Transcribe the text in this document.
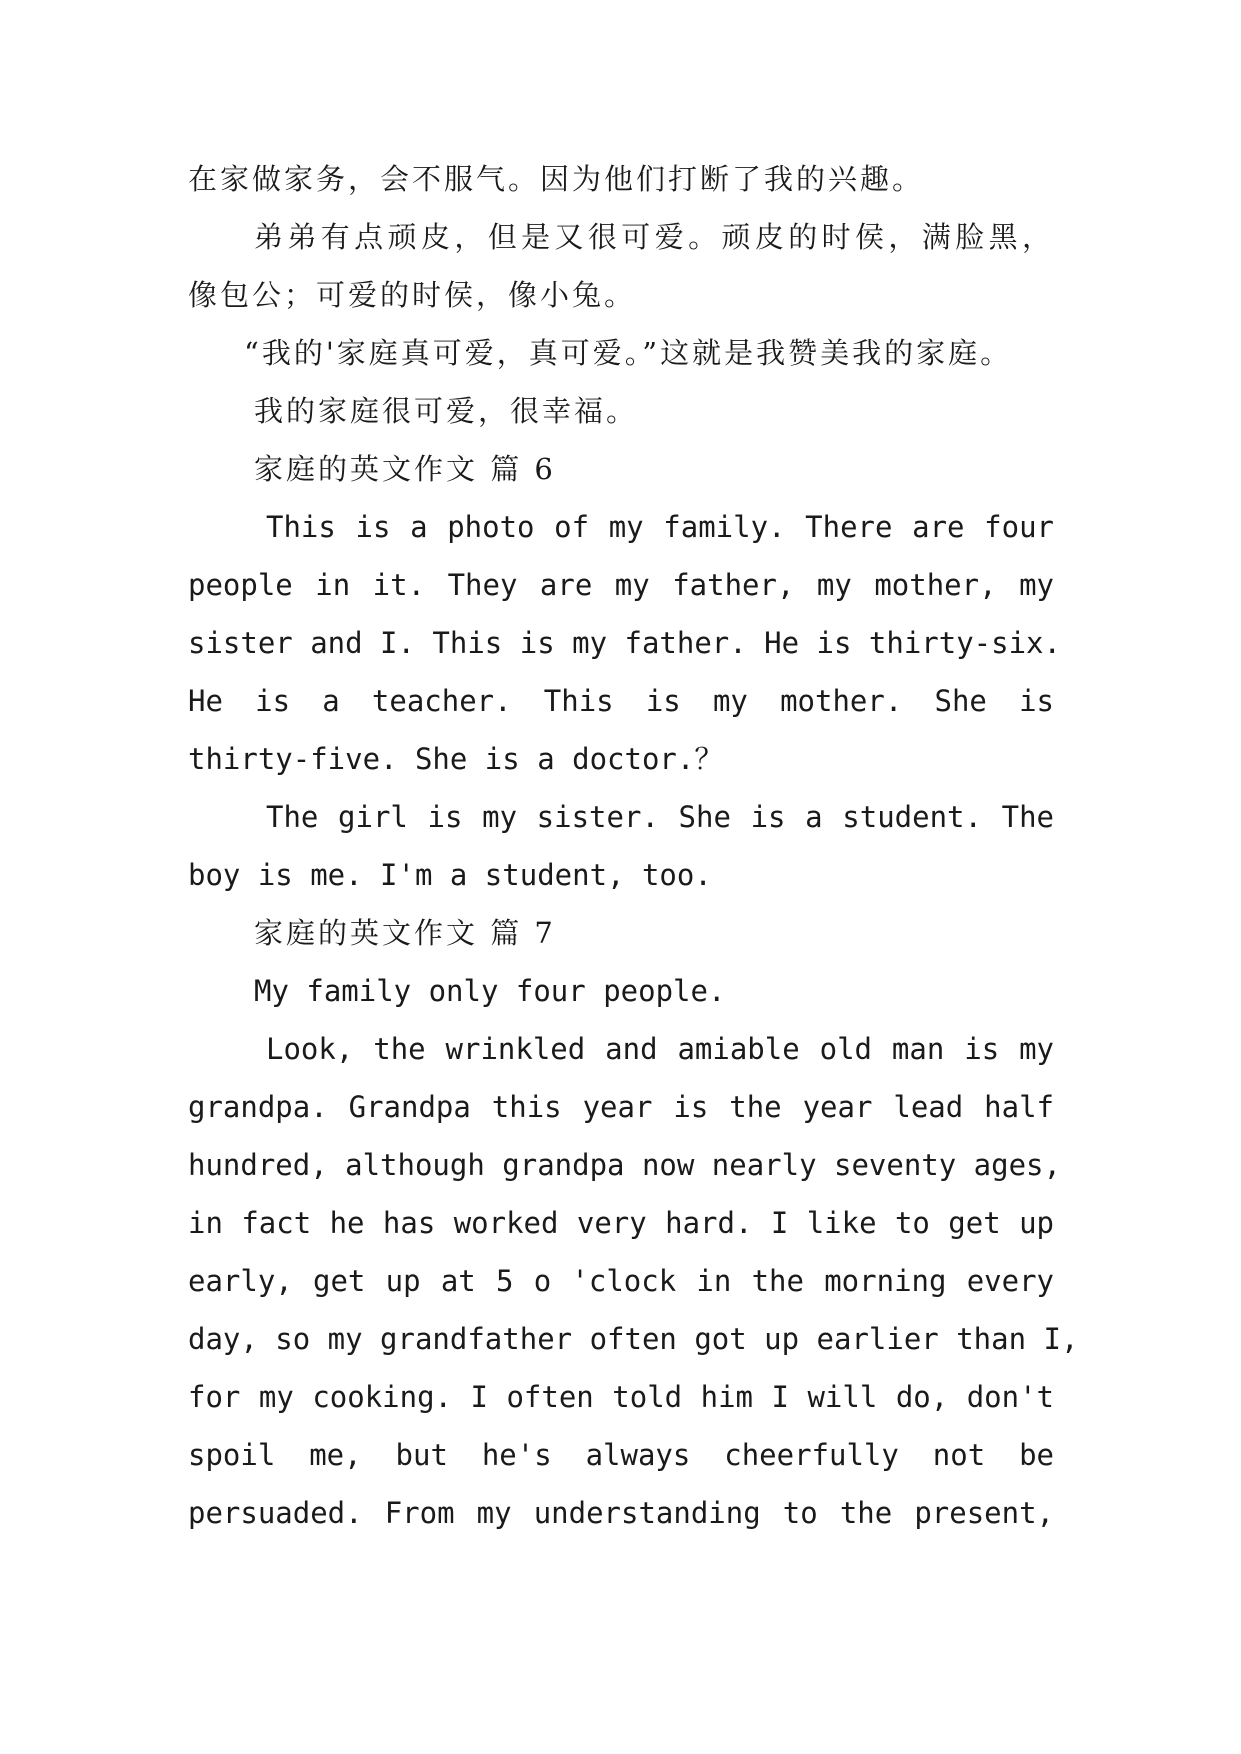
在家做家务，会不服气。因为他们打断了我的兴趣。

弟弟有点顽皮，但是又很可爱。顽皮的时侯，满脸黑，
像包公；可爱的时侯，像小兔。

“我的'家庭真可爱，真可爱。”这就是我赞美我的家庭。

我的家庭很可爱，很幸福。

家庭的英文作文 篇 6

This is a photo of my family. There are four
people in it. They are my father, my mother, my
sister and I. This is my father. He is thirty-six.
He is a teacher. This is my mother. She is
thirty-five. She is a doctor.？

The girl is my sister. She is a student. The
boy is me. I'm a student, too.

家庭的英文作文 篇 7

My family only four people.

Look, the wrinkled and amiable old man is my
grandpa. Grandpa this year is the year lead half
hundred, although grandpa now nearly seventy ages,
in fact he has worked very hard. I like to get up
early, get up at 5 o 'clock in the morning every
day, so my grandfather often got up earlier than I,
for my cooking. I often told him I will do, don't
spoil me, but he's always cheerfully not be
persuaded. From my understanding to the present,
